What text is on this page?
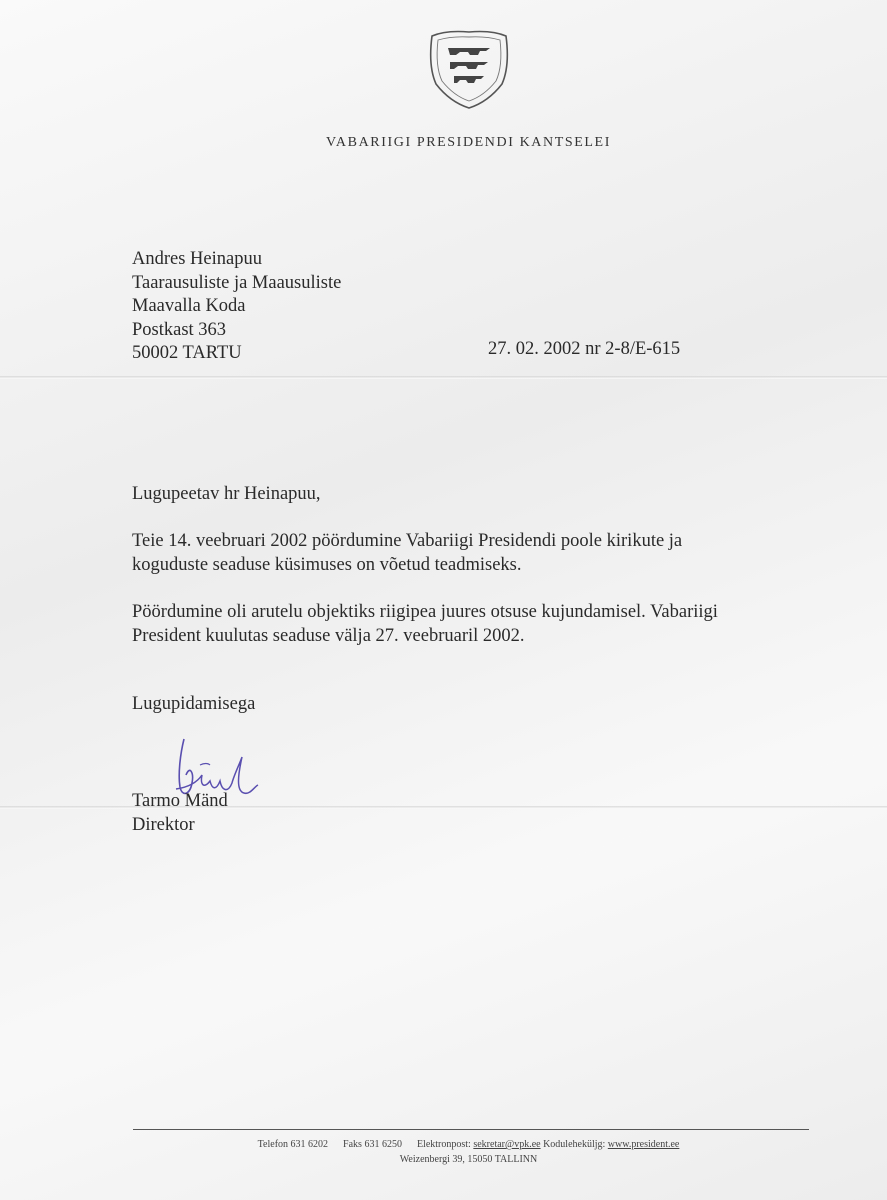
VABARIIGI PRESIDENDI KANTSELEI
Andres Heinapuu
Taarausuliste ja Maausuliste
Maavalla Koda
Postkast 363
50002 TARTU	27. 02. 2002 nr 2-8/E-615
Lugupeetav hr Heinapuu,
Teie 14. veebruari 2002 pöördumine Vabariigi Presidendi poole kirikute ja
koguduste seaduse küsimuses on võetud teadmiseks.
Pöördumine oli arutelu objektiks riigipea juures otsuse kujundamisel. Vabariigi
President kuulutas seaduse välja 27. veebruaril 2002.
Lugupidamisega
Tarmo Mänd
Direktor
Telefon 631 6202 Faks 631 6250 Elektronpost: sekretar@vpk.ee Koduleheküljg: www.president.ee
Weizenbergi 39, 15050 TALLINN
